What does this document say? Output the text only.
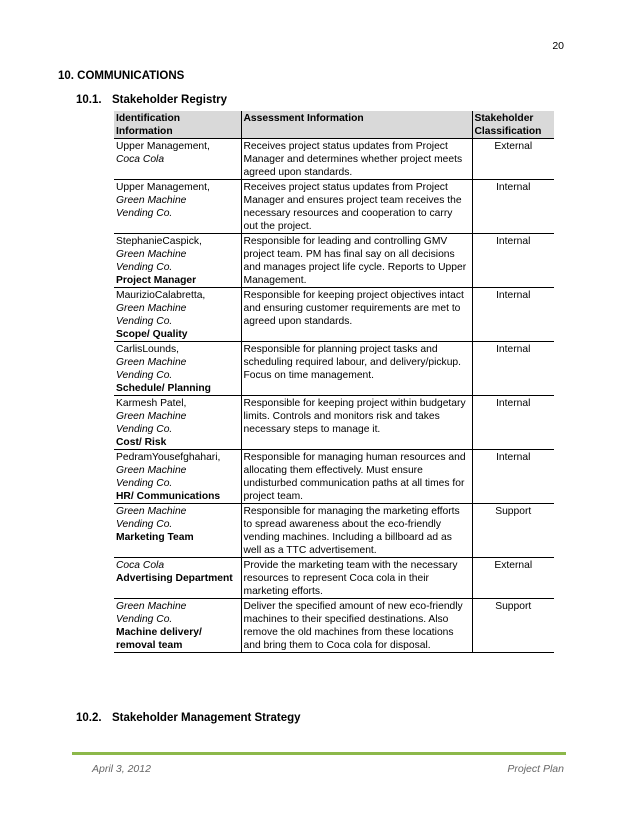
20
10. COMMUNICATIONS
10.1. Stakeholder Registry
Identification Information	Assessment Information	Stakeholder Classification

Upper Management,
Coca Cola	Receives project status updates from Project Manager and determines whether project meets agreed upon standards.	External

Upper Management,
Green Machine
Vending Co.	Receives project status updates from Project Manager and ensures project team receives the necessary resources and cooperation to carry out the project.	Internal

StephanieCaspick,
Green Machine
Vending Co.
Project Manager	Responsible for leading and controlling GMV project team. PM has final say on all decisions and manages project life cycle. Reports to Upper Management.	Internal

MaurizioCalabretta,
Green Machine
Vending Co.
Scope/ Quality	Responsible for keeping project objectives intact and ensuring customer requirements are met to agreed upon standards.	Internal

CarlisLounds,
Green Machine
Vending Co.
Schedule/ Planning	Responsible for planning project tasks and scheduling required labour, and delivery/pickup. Focus on time management.	Internal

Karmesh Patel,
Green Machine
Vending Co.
Cost/ Risk	Responsible for keeping project within budgetary limits. Controls and monitors risk and takes necessary steps to manage it.	Internal

PedramYousefghahari,
Green Machine
Vending Co.
HR/ Communications	Responsible for managing human resources and allocating them effectively. Must ensure undisturbed communication paths at all times for project team.	Internal

Green Machine
Vending Co.
Marketing Team	Responsible for managing the marketing efforts to spread awareness about the eco-friendly vending machines. Including a billboard ad as well as a TTC advertisement.	Support

Coca Cola
Advertising Department	Provide the marketing team with the necessary resources to represent Coca cola in their marketing efforts.	External

Green Machine
Vending Co.
Machine delivery/ removal team	Deliver the specified amount of new eco-friendly machines to their specified destinations. Also remove the old machines from these locations and bring them to Coca cola for disposal.	Support
10.2. Stakeholder Management Strategy
April 3, 2012	Project Plan
